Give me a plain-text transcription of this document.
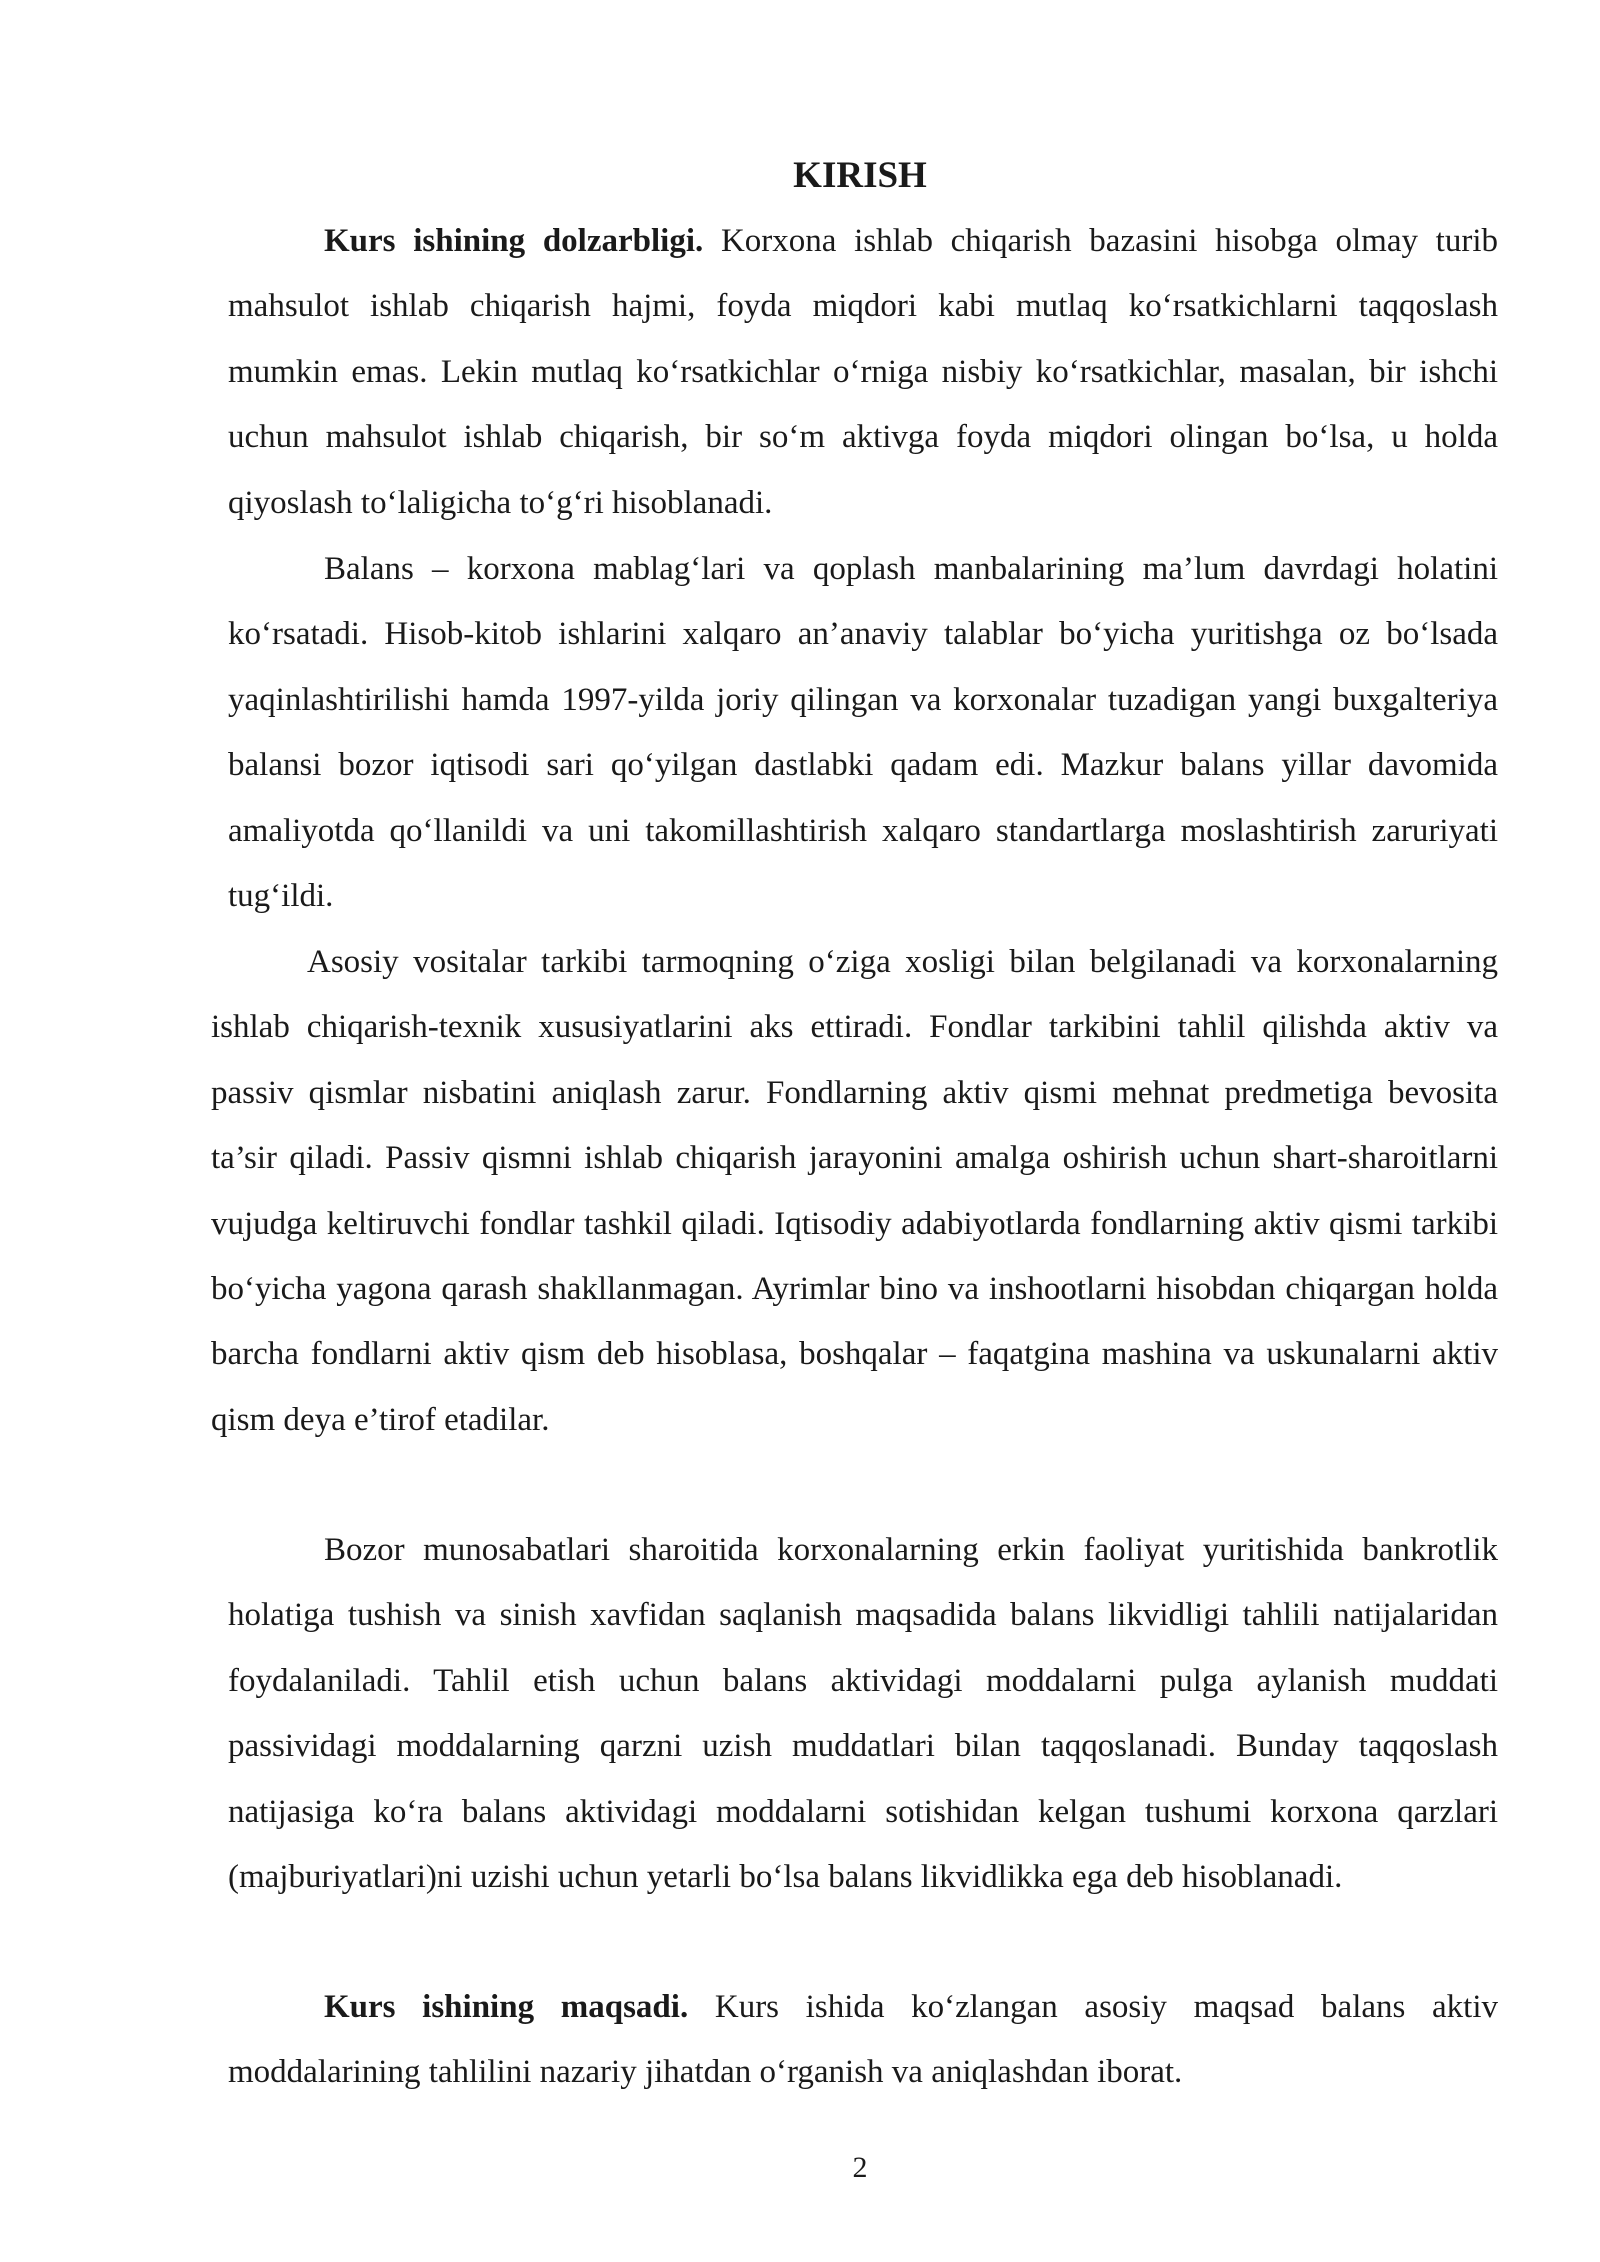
KIRISH

Kurs ishining dolzarbligi. Korxona ishlab chiqarish bazasini hisobga olmay turib mahsulot ishlab chiqarish hajmi, foyda miqdori kabi mutlaq koʻrsatkichlarni taqqoslash mumkin emas. Lekin mutlaq koʻrsatkichlar oʻrniga nisbiy koʻrsatkichlar, masalan, bir ishchi uchun mahsulot ishlab chiqarish, bir soʻm aktivga foyda miqdori olingan boʻlsa, u holda qiyoslash toʻlaligicha toʻgʻri hisoblanadi.

Balans – korxona mablagʻlari va qoplash manbalarining ma’lum davrdagi holatini koʻrsatadi. Hisob-kitob ishlarini xalqaro an’anaviy talablar boʻyicha yuritishga oz boʻlsada yaqinlashtirilishi hamda 1997-yilda joriy qilingan va korxonalar tuzadigan yangi buxgalteriya balansi bozor iqtisodi sari qoʻyilgan dastlabki qadam edi. Mazkur balans yillar davomida amaliyotda qoʻllanildi va uni takomillashtirish xalqaro standartlarga moslashtirish zaruriyati tugʻildi.

Asosiy vositalar tarkibi tarmoqning oʻziga xosligi bilan belgilanadi va korxonalarning ishlab chiqarish-texnik xususiyatlarini aks ettiradi. Fondlar tarkibini tahlil qilishda aktiv va passiv qismlar nisbatini aniqlash zarur. Fondlarning aktiv qismi mehnat predmetiga bevosita ta’sir qiladi. Passiv qismni ishlab chiqarish jarayonini amalga oshirish uchun shart-sharoitlarni vujudga keltiruvchi fondlar tashkil qiladi. Iqtisodiy adabiyotlarda fondlarning aktiv qismi tarkibi boʻyicha yagona qarash shakllanmagan. Ayrimlar bino va inshootlarni hisobdan chiqargan holda barcha fondlarni aktiv qism deb hisoblasa, boshqalar – faqatgina mashina va uskunalarni aktiv qism deya e’tirof etadilar.

Bozor munosabatlari sharoitida korxonalarning erkin faoliyat yuritishida bankrotlik holatiga tushish va sinish xavfidan saqlanish maqsadida balans likvidligi tahlili natijalaridan foydalaniladi. Tahlil etish uchun balans aktividagi moddalarni pulga aylanish muddati passividagi moddalarning qarzni uzish muddatlari bilan taqqoslanadi. Bunday taqqoslash natijasiga koʻra balans aktividagi moddalarni sotishidan kelgan tushumi korxona qarzlari (majburiyatlari)ni uzishi uchun yetarli boʻlsa balans likvidlikka ega deb hisoblanadi.

Kurs ishining maqsadi. Kurs ishida koʻzlangan asosiy maqsad balans aktiv moddalarining tahlilini nazariy jihatdan oʻrganish va aniqlashdan iborat.

2
